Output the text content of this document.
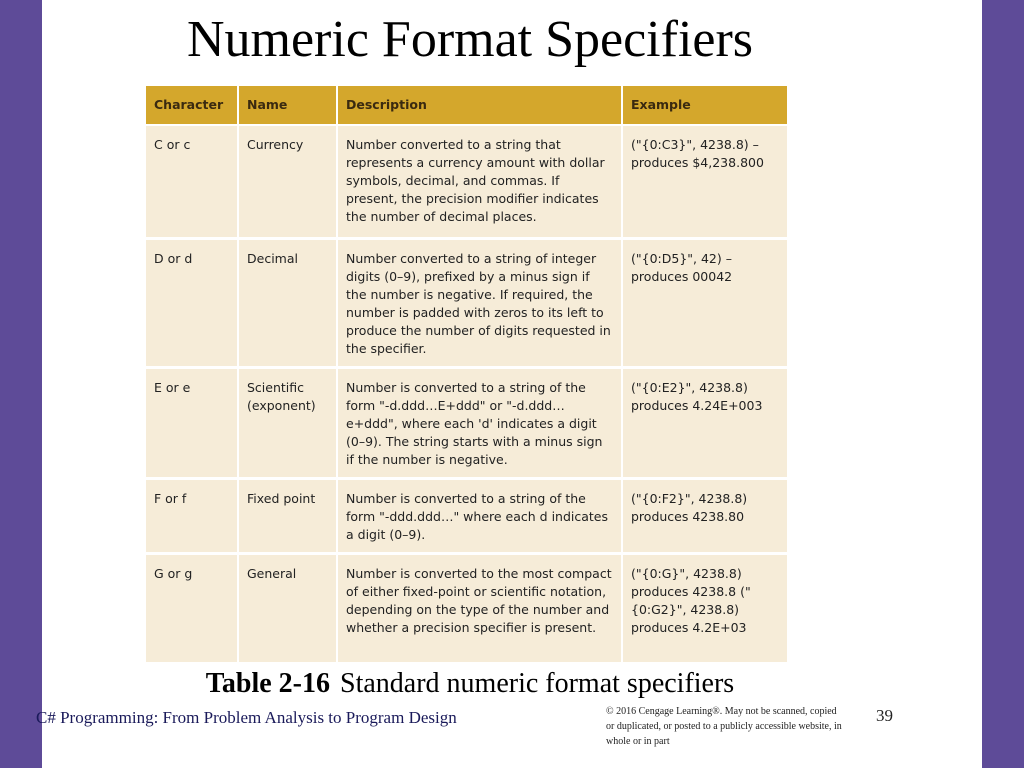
Numeric Format Specifiers
Character	Name	Description	Example
C or c	Currency	Number converted to a string that represents a currency amount with dollar symbols, decimal, and commas. If present, the precision modifier indicates the number of decimal places.	("{0:C3}", 4238.8) – produces $4,238.800
D or d	Decimal	Number converted to a string of integer digits (0–9), prefixed by a minus sign if the number is negative. If required, the number is padded with zeros to its left to produce the number of digits requested in the specifier.	("{0:D5}", 42) – produces 00042
E or e	Scientific (exponent)	Number is converted to a string of the form "-d.ddd…E+ddd" or "-d.ddd…e+ddd", where each 'd' indicates a digit (0–9). The string starts with a minus sign if the number is negative.	("{0:E2}", 4238.8) produces 4.24E+003
F or f	Fixed point	Number is converted to a string of the form "-ddd.ddd…" where each d indicates a digit (0–9).	("{0:F2}", 4238.8) produces 4238.80
G or g	General	Number is converted to the most compact of either fixed-point or scientific notation, depending on the type of the number and whether a precision specifier is present.	("{0:G}", 4238.8) produces 4238.8 ("{0:G2}", 4238.8) produces 4.2E+03
Table 2-16 Standard numeric format specifiers
C# Programming: From Problem Analysis to Program Design	© 2016 Cengage Learning®. May not be scanned, copied or duplicated, or posted to a publicly accessible website, in whole or in part
39
